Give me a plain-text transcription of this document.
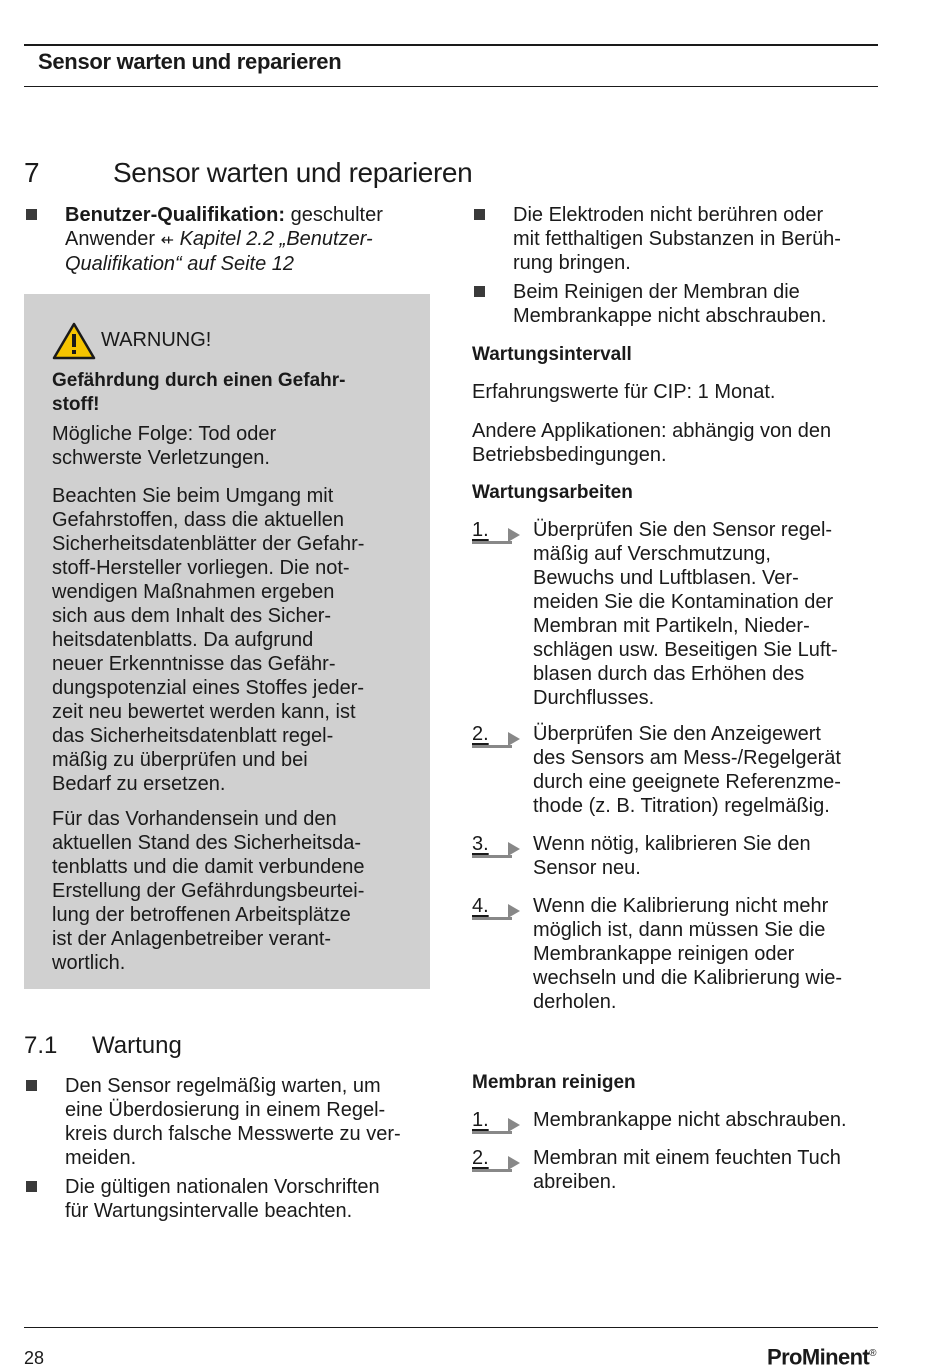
Sensor warten und reparieren
7	Sensor warten und reparieren
Benutzer-Qualifikation: geschulter
Anwender ⇷ Kapitel 2.2 „Benutzer-
Qualifikation“ auf Seite 12
WARNUNG!
Gefährdung durch einen Gefahr-
stoff!
Mögliche Folge: Tod oder
schwerste Verletzungen.
Beachten Sie beim Umgang mit
Gefahrstoffen, dass die aktuellen
Sicherheitsdatenblätter der Gefahr-
stoff-Hersteller vorliegen. Die not-
wendigen Maßnahmen ergeben
sich aus dem Inhalt des Sicher-
heitsdatenblatts. Da aufgrund
neuer Erkenntnisse das Gefähr-
dungspotenzial eines Stoffes jeder-
zeit neu bewertet werden kann, ist
das Sicherheitsdatenblatt regel-
mäßig zu überprüfen und bei
Bedarf zu ersetzen.
Für das Vorhandensein und den
aktuellen Stand des Sicherheitsda-
tenblatts und die damit verbundene
Erstellung der Gefährdungsbeurtei-
lung der betroffenen Arbeitsplätze
ist der Anlagenbetreiber verant-
wortlich.
7.1 Wartung
Den Sensor regelmäßig warten, um
eine Überdosierung in einem Regel-
kreis durch falsche Messwerte zu ver-
meiden.
Die gültigen nationalen Vorschriften
für Wartungsintervalle beachten.
Die Elektroden nicht berühren oder
mit fetthaltigen Substanzen in Berüh-
rung bringen.
Beim Reinigen der Membran die
Membrankappe nicht abschrauben.
Wartungsintervall
Erfahrungswerte für CIP: 1 Monat.
Andere Applikationen: abhängig von den
Betriebsbedingungen.
Wartungsarbeiten
1. Überprüfen Sie den Sensor regel-
mäßig auf Verschmutzung,
Bewuchs und Luftblasen. Ver-
meiden Sie die Kontamination der
Membran mit Partikeln, Nieder-
schlägen usw. Beseitigen Sie Luft-
blasen durch das Erhöhen des
Durchflusses.
2. Überprüfen Sie den Anzeigewert
des Sensors am Mess-/Regelgerät
durch eine geeignete Referenzme-
thode (z. B. Titration) regelmäßig.
3. Wenn nötig, kalibrieren Sie den
Sensor neu.
4. Wenn die Kalibrierung nicht mehr
möglich ist, dann müssen Sie die
Membrankappe reinigen oder
wechseln und die Kalibrierung wie-
derholen.
Membran reinigen
1. Membrankappe nicht abschrauben.
2. Membran mit einem feuchten Tuch
abreiben.
28	ProMinent®
